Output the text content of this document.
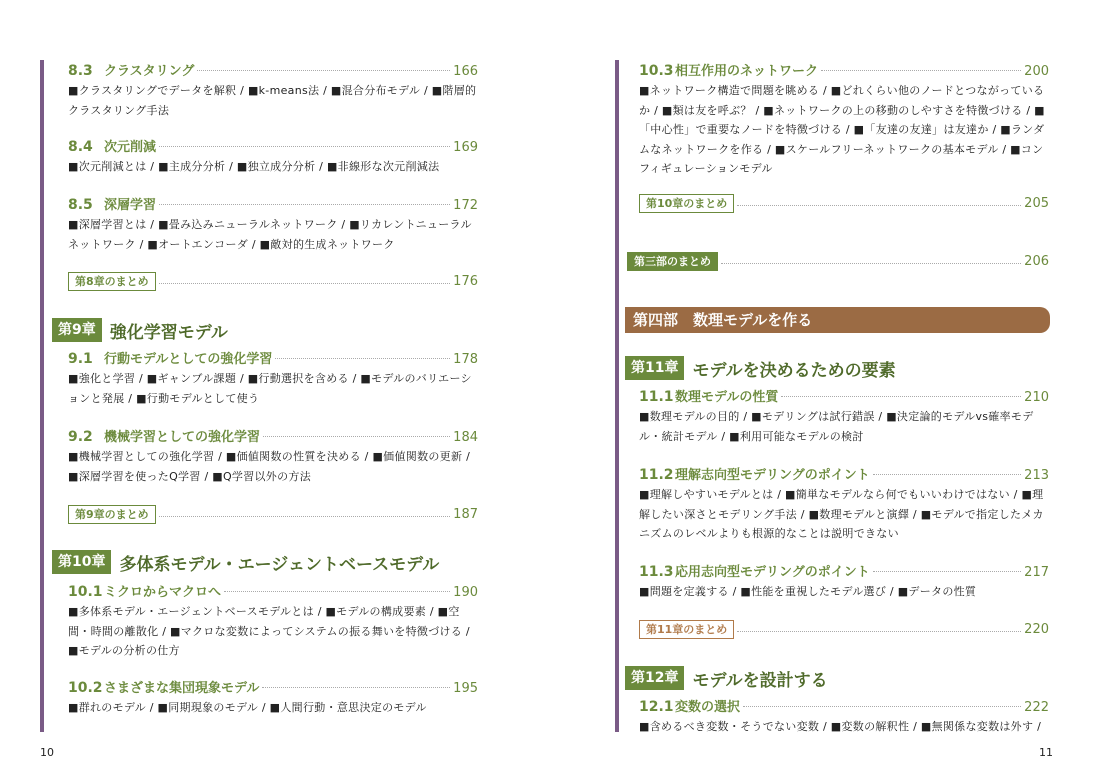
8.3 クラスタリング	166
■クラスタリングでデータを解釈 / ■k-means法 / ■混合分布モデル / ■階層的クラスタリング手法
8.4 次元削減	169
■次元削減とは / ■主成分分析 / ■独立成分分析 / ■非線形な次元削減法
8.5 深層学習	172
■深層学習とは / ■畳み込みニューラルネットワーク / ■リカレントニューラルネットワーク / ■オートエンコーダ / ■敵対的生成ネットワーク
第8章のまとめ	176
第9章 強化学習モデル
9.1 行動モデルとしての強化学習	178
■強化と学習 / ■ギャンブル課題 / ■行動選択を含める / ■モデルのバリエーションと発展 / ■行動モデルとして使う
9.2 機械学習としての強化学習	184
■機械学習としての強化学習 / ■価値関数の性質を決める / ■価値関数の更新 / ■深層学習を使ったQ学習 / ■Q学習以外の方法
第9章のまとめ	187
第10章 多体系モデル・エージェントベースモデル
10.1 ミクロからマクロへ	190
■多体系モデル・エージェントベースモデルとは / ■モデルの構成要素 / ■空間・時間の離散化 / ■マクロな変数によってシステムの振る舞いを特徴づける / ■モデルの分析の仕方
10.2 さまざまな集団現象モデル	195
■群れのモデル / ■同期現象のモデル / ■人間行動・意思決定のモデル
10
10.3 相互作用のネットワーク	200
■ネットワーク構造で問題を眺める / ■どれくらい他のノードとつながっているか / ■類は友を呼ぶ？ / ■ネットワークの上の移動のしやすさを特徴づける / ■「中心性」で重要なノードを特徴づける / ■「友達の友達」は友達か / ■ランダムなネットワークを作る / ■スケールフリーネットワークの基本モデル / ■コンフィギュレーションモデル
第10章のまとめ	205
第三部のまとめ	206
第四部　数理モデルを作る
第11章 モデルを決めるための要素
11.1 数理モデルの性質	210
■数理モデルの目的 / ■モデリングは試行錯誤 / ■決定論的モデルvs確率モデル・統計モデル / ■利用可能なモデルの検討
11.2 理解志向型モデリングのポイント	213
■理解しやすいモデルとは / ■簡単なモデルなら何でもいいわけではない / ■理解したい深さとモデリング手法 / ■数理モデルと演繹 / ■モデルで指定したメカニズムのレベルよりも根源的なことは説明できない
11.3 応用志向型モデリングのポイント	217
■問題を定義する / ■性能を重視したモデル選び / ■データの性質
第11章のまとめ	220
第12章 モデルを設計する
12.1 変数の選択	222
■含めるべき変数・そうでない変数 / ■変数の解釈性 / ■無関係な変数は外す /
11
